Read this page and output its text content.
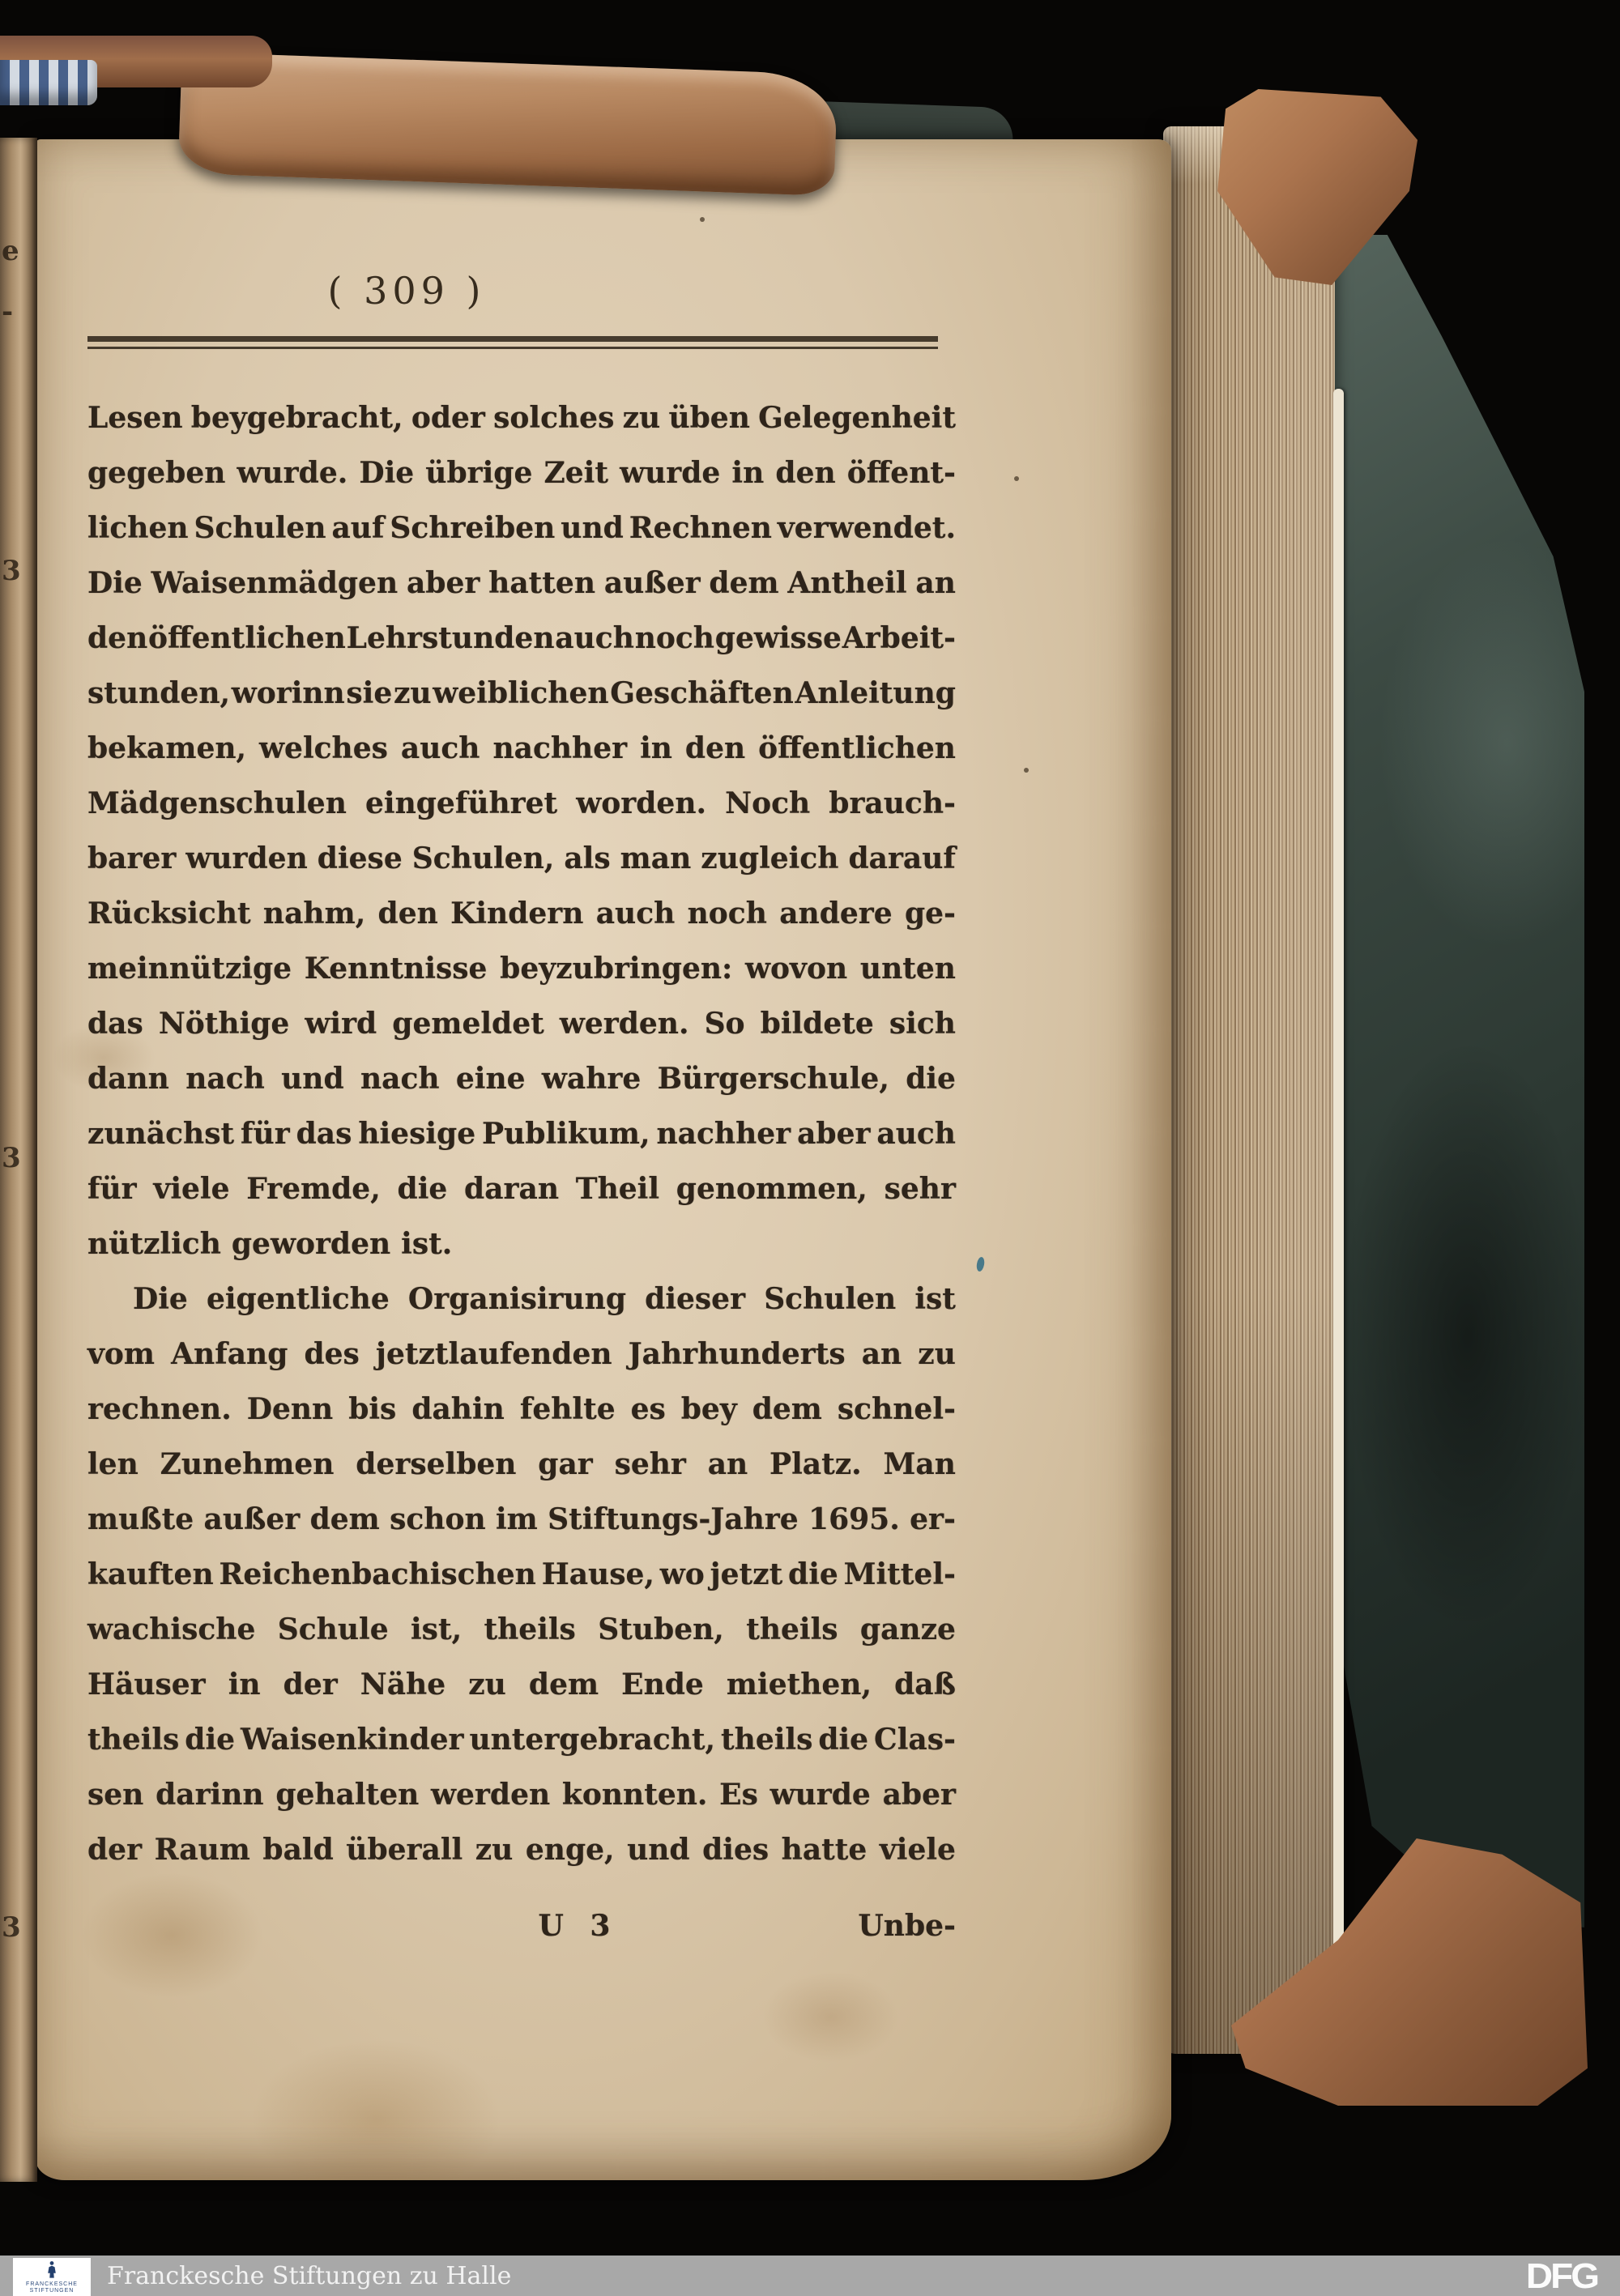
e
-
3
3
3
( 309 )
Lesen beygebracht, oder solches zu üben Gelegenheit
gegeben wurde. Die übrige Zeit wurde in den öffent-
lichen Schulen auf Schreiben und Rechnen verwendet.
Die Waisenmädgen aber hatten außer dem Antheil an
den öffentlichen Lehrstunden auch noch gewisse Arbeit-
stunden, worinn sie zu weiblichen Geschäften Anleitung
bekamen, welches auch nachher in den öffentlichen
Mädgenschulen eingeführet worden. Noch brauch-
barer wurden diese Schulen, als man zugleich darauf
Rücksicht nahm, den Kindern auch noch andere ge-
meinnützige Kenntnisse beyzubringen: wovon unten
das Nöthige wird gemeldet werden. So bildete sich
dann nach und nach eine wahre Bürgerschule, die
zunächst für das hiesige Publikum, nachher aber auch
für viele Fremde, die daran Theil genommen, sehr
nützlich geworden ist.
Die eigentliche Organisirung dieser Schulen ist
vom Anfang des jetztlaufenden Jahrhunderts an zu
rechnen. Denn bis dahin fehlte es bey dem schnel-
len Zunehmen derselben gar sehr an Platz. Man
mußte außer dem schon im Stiftungs-Jahre 1695. er-
kauften Reichenbachischen Hause, wo jetzt die Mittel-
wachische Schule ist, theils Stuben, theils ganze
Häuser in der Nähe zu dem Ende miethen, daß
theils die Waisenkinder untergebracht, theils die Clas-
sen darinn gehalten werden konnten. Es wurde aber
der Raum bald überall zu enge, und dies hatte viele
U 3	Unbe-
FRANCKESCHE
STIFTUNGEN
Franckesche Stiftungen zu Halle	DFG
